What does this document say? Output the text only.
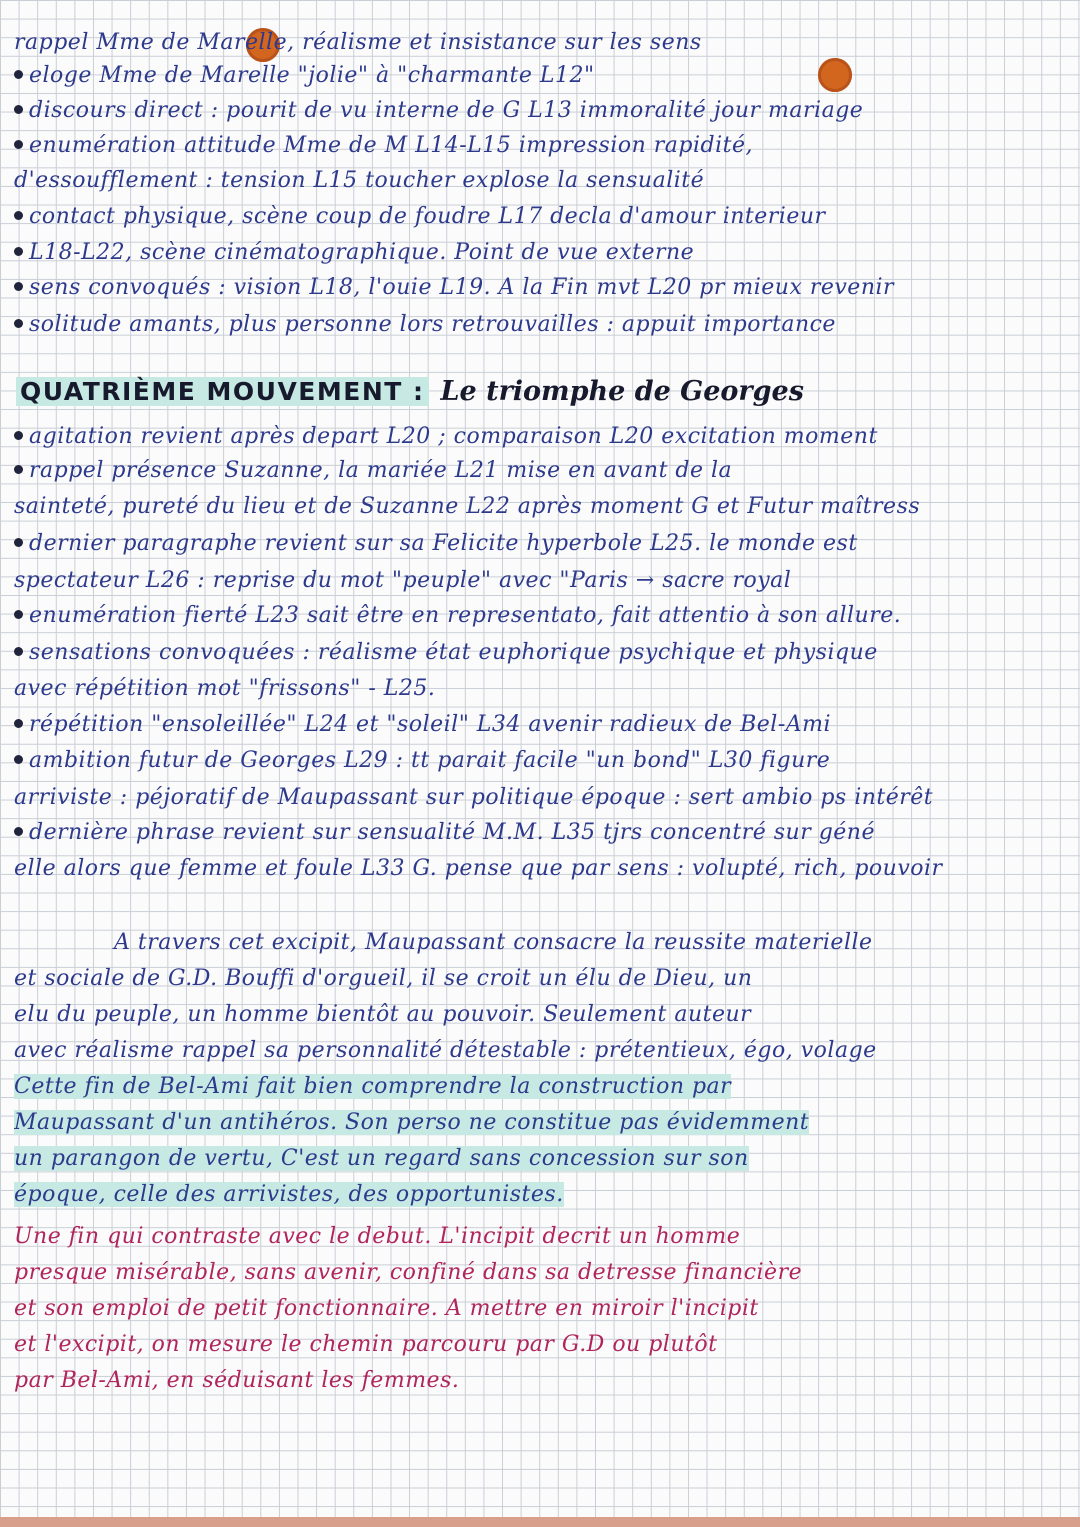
rappel Mme de Marelle, réalisme et insistance sur les sens
eloge Mme de Marelle "jolie" à "charmante L12"
discours direct : pourit de vu interne de G L13 immoralité jour mariage
enumération attitude Mme de M L14-L15 impression rapidité,
d'essoufflement : tension L15 toucher explose la sensualité
contact physique, scène coup de foudre L17 decla d'amour interieur
L18-L22, scène cinématographique. Point de vue externe
sens convoqués : vision L18, l'ouie L19. A la Fin mvt L20 pr mieux revenir
solitude amants, plus personne lors retrouvailles : appuit importance
QUATRIÈME MOUVEMENT : Le triomphe de Georges
agitation revient après depart L20 ; comparaison L20 excitation moment
rappel présence Suzanne, la mariée L21 mise en avant de la
sainteté, pureté du lieu et de Suzanne L22 après moment G et Futur maîtress
dernier paragraphe revient sur sa Felicite hyperbole L25. le monde est
spectateur L26 : reprise du mot "peuple" avec "Paris → sacre royal
enumération fierté L23 sait être en representato, fait attentio à son allure.
sensations convoquées : réalisme état euphorique psychique et physique
avec répétition mot "frissons" - L25.
répétition "ensoleillée" L24 et "soleil" L34 avenir radieux de Bel-Ami
ambition futur de Georges L29 : tt parait facile "un bond" L30 figure
arriviste : péjoratif de Maupassant sur politique époque : sert ambio ps intérêt
dernière phrase revient sur sensualité M.M. L35 tjrs concentré sur géné
elle alors que femme et foule L33 G. pense que par sens : volupté, rich, pouvoir
A travers cet excipit, Maupassant consacre la reussite materielle
et sociale de G.D. Bouffi d'orgueil, il se croit un élu de Dieu, un
elu du peuple, un homme bientôt au pouvoir. Seulement auteur
avec réalisme rappel sa personnalité détestable : prétentieux, égo, volage
Cette fin de Bel-Ami fait bien comprendre la construction par
Maupassant d'un antihéros. Son perso ne constitue pas évidemment
un parangon de vertu, C'est un regard sans concession sur son
époque, celle des arrivistes, des opportunistes.
Une fin qui contraste avec le debut. L'incipit decrit un homme
presque misérable, sans avenir, confiné dans sa detresse financière
et son emploi de petit fonctionnaire. A mettre en miroir l'incipit
et l'excipit, on mesure le chemin parcouru par G.D ou plutôt
par Bel-Ami, en séduisant les femmes.
